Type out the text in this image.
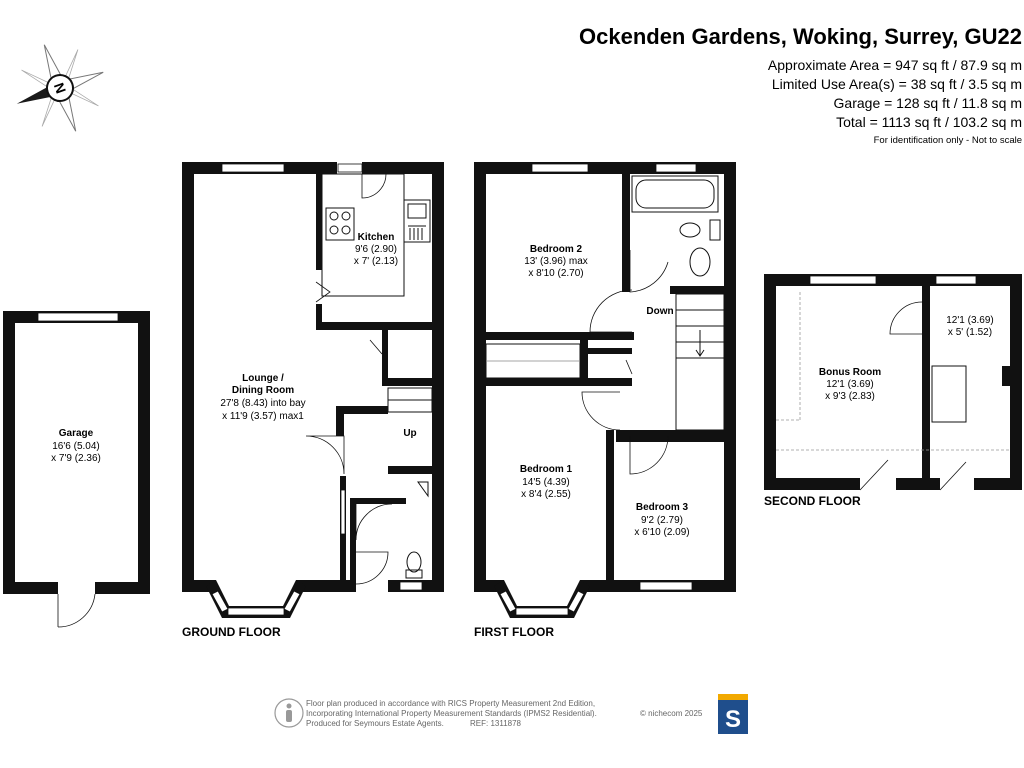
Ockenden Gardens, Woking, Surrey, GU22
Approximate Area = 947 sq ft / 87.9 sq m
Limited Use Area(s) = 38 sq ft / 3.5 sq m
Garage = 128 sq ft / 11.8 sq m
Total = 1113 sq ft / 103.2 sq m
For identification only - Not to scale
N
Garage
16'6 (5.04)
x 7'9 (2.36)
Kitchen
9'6 (2.90)
x 7' (2.13)
Up
Lounge /
Dining Room
27'8 (8.43) into bay
x 11'9 (3.57) max1
GROUND FLOOR
Bedroom 2
13' (3.96) max
x 8'10 (2.70)
Down
Bedroom 1
14'5 (4.39)
x 8'4 (2.55)
Bedroom 3
9'2 (2.79)
x 6'10 (2.09)
FIRST FLOOR
Bonus Room
12'1 (3.69)
x 9'3 (2.83)
12'1 (3.69)
x 5' (1.52)
SECOND FLOOR
Floor plan produced in accordance with RICS Property Measurement 2nd Edition,
Incorporating International Property Measurement Standards (IPMS2 Residential).
Produced for Seymours Estate Agents.	REF: 1311878
© nichecom 2025 S
